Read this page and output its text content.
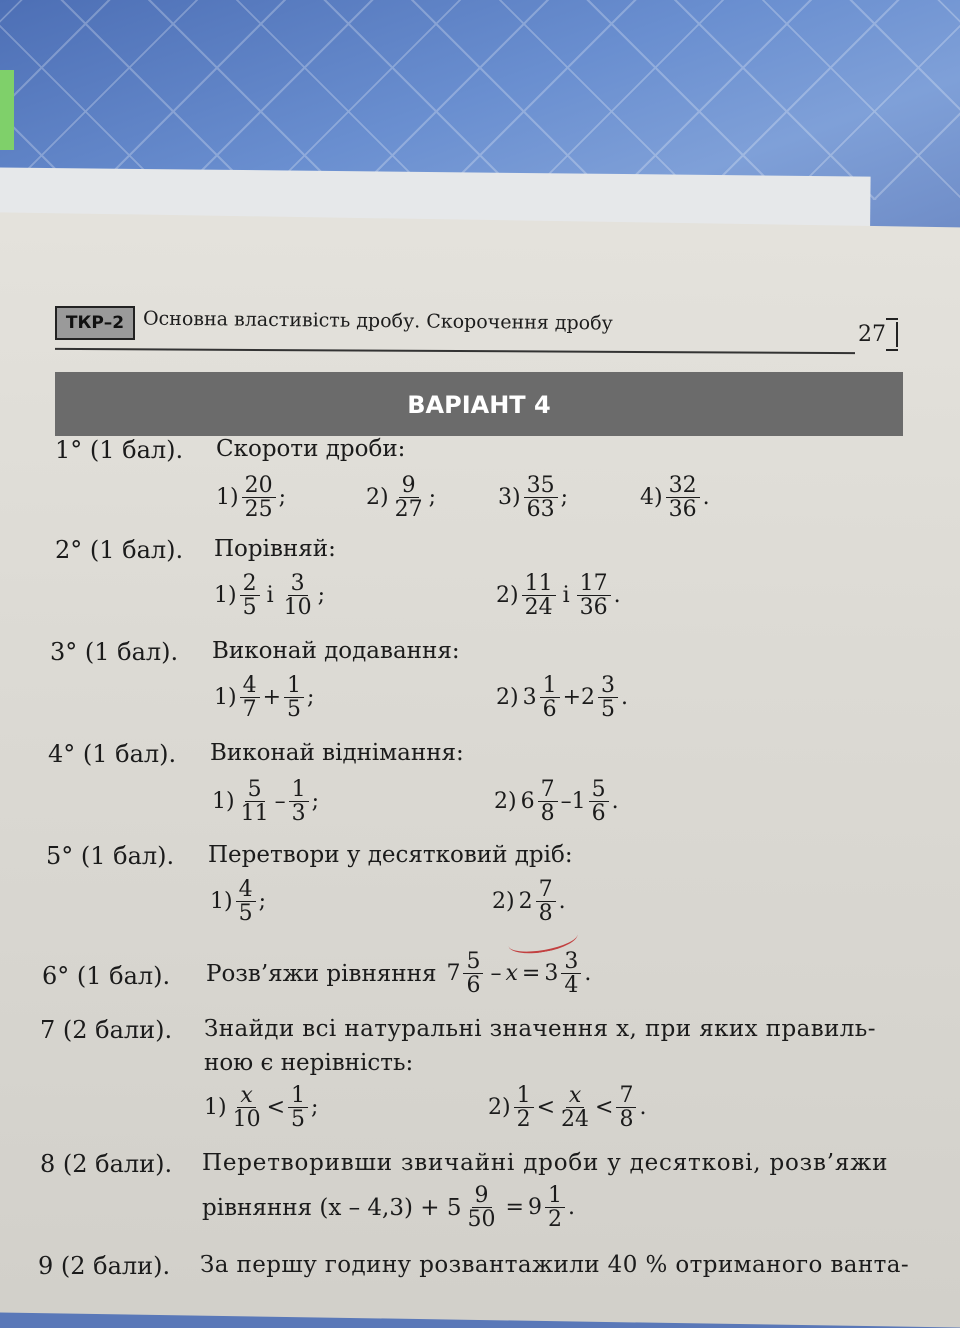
ТКР–2 Основна властивість дробу. Скорочення дробу
27
ВАРІАНТ 4
1° (1 бал). Скороти дроби:
$1) \frac{20}{25}$ ;	$2) \frac{9}{27}$ ;	$3) \frac{35}{63}$ ;	$4) \frac{32}{36}$ .
2° (1 бал). Порівняй:
$1) \frac{2}{5}$ і $\frac{3}{10}$ ;	$2) \frac{11}{24}$ і $\frac{17}{36}$ .
3° (1 бал). Виконай додавання:
$1) \frac{4}{7} + \frac{1}{5}$ ;	2) $3 \frac{1}{6} + 2 \frac{3}{5}$ .
4° (1 бал). Виконай віднімання:
$1) \frac{5}{11} - \frac{1}{3}$ ;	2) $6 \frac{7}{8} - 1 \frac{5}{6}$ .
5° (1 бал). Перетвори у десятковий дріб:
$1) \frac{4}{5}$ ;	2) $2 \frac{7}{8}$ .
6° (1 бал). Розв’яжи рівняння $7 \frac{5}{6} - x = 3 \frac{3}{4}$ .
7 (2 бали). Знайди всі натуральні значення x, при яких правиль-
ною є нерівність:
$1) \frac{x}{10} < \frac{1}{5}$ ;	$2) \frac{1}{2} < \frac{x}{24} < \frac{7}{8}$ .
8 (2 бали). Перетворивши звичайні дроби у десяткові, розв’яжи
рівняння $(x - 4,3) + 5 \frac{9}{50} = 9 \frac{1}{2}$ .
9 (2 бали). За першу годину розвантажили 40 % отриманого ванта-
